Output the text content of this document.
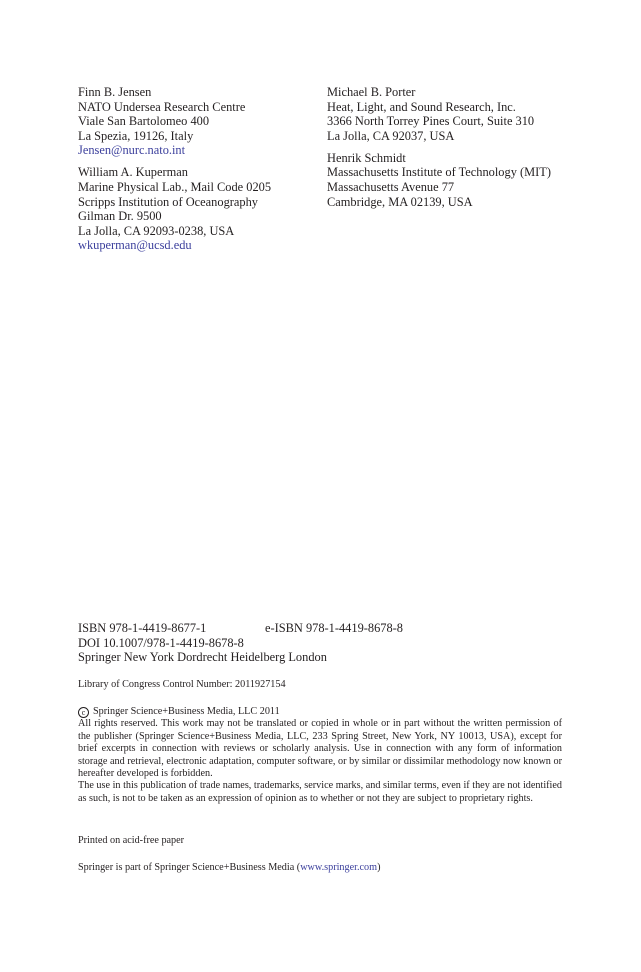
Finn B. Jensen
NATO Undersea Research Centre
Viale San Bartolomeo 400
La Spezia, 19126, Italy
Jensen@nurc.nato.int
William A. Kuperman
Marine Physical Lab., Mail Code 0205
Scripps Institution of Oceanography
Gilman Dr. 9500
La Jolla, CA 92093-0238, USA
wkuperman@ucsd.edu
Michael B. Porter
Heat, Light, and Sound Research, Inc.
3366 North Torrey Pines Court, Suite 310
La Jolla, CA 92037, USA
Henrik Schmidt
Massachusetts Institute of Technology (MIT)
Massachusetts Avenue 77
Cambridge, MA 02139, USA
ISBN 978-1-4419-8677-1	e-ISBN 978-1-4419-8678-8
DOI 10.1007/978-1-4419-8678-8
Springer New York Dordrecht Heidelberg London
Library of Congress Control Number: 2011927154
c Springer Science+Business Media, LLC 2011

All rights reserved. This work may not be translated or copied in whole or in part without the written permission of the publisher (Springer Science+Business Media, LLC, 233 Spring Street, New York, NY 10013, USA), except for brief excerpts in connection with reviews or scholarly analysis. Use in connection with any form of information storage and retrieval, electronic adaptation, computer software, or by similar or dissimilar methodology now known or hereafter developed is forbidden.

The use in this publication of trade names, trademarks, service marks, and similar terms, even if they are not identified as such, is not to be taken as an expression of opinion as to whether or not they are subject to proprietary rights.

Printed on acid-free paper
Springer is part of Springer Science+Business Media (www.springer.com)
